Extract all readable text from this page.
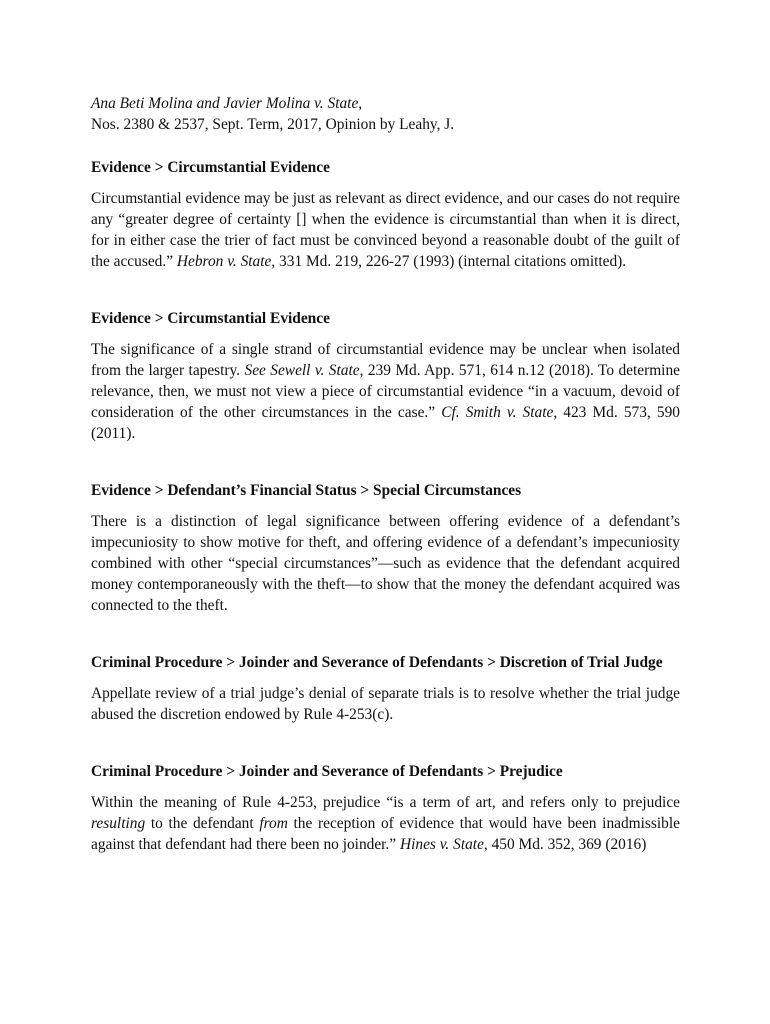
Ana Beti Molina and Javier Molina v. State,

Nos. 2380 & 2537, Sept. Term, 2017, Opinion by Leahy, J.

Evidence > Circumstantial Evidence

Circumstantial evidence may be just as relevant as direct evidence, and our cases do not require any “greater degree of certainty [] when the evidence is circumstantial than when it is direct, for in either case the trier of fact must be convinced beyond a reasonable doubt of the guilt of the accused.” Hebron v. State, 331 Md. 219, 226-27 (1993) (internal citations omitted).

Evidence > Circumstantial Evidence

The significance of a single strand of circumstantial evidence may be unclear when isolated from the larger tapestry. See Sewell v. State, 239 Md. App. 571, 614 n.12 (2018). To determine relevance, then, we must not view a piece of circumstantial evidence “in a vacuum, devoid of consideration of the other circumstances in the case.” Cf. Smith v. State, 423 Md. 573, 590 (2011).

Evidence > Defendant’s Financial Status > Special Circumstances

There is a distinction of legal significance between offering evidence of a defendant’s impecuniosity to show motive for theft, and offering evidence of a defendant’s impecuniosity combined with other “special circumstances”—such as evidence that the defendant acquired money contemporaneously with the theft—to show that the money the defendant acquired was connected to the theft.

Criminal Procedure > Joinder and Severance of Defendants > Discretion of Trial Judge

Appellate review of a trial judge’s denial of separate trials is to resolve whether the trial judge abused the discretion endowed by Rule 4-253(c).

Criminal Procedure > Joinder and Severance of Defendants > Prejudice

Within the meaning of Rule 4-253, prejudice “is a term of art, and refers only to prejudice resulting to the defendant from the reception of evidence that would have been inadmissible against that defendant had there been no joinder.” Hines v. State, 450 Md. 352, 369 (2016)
